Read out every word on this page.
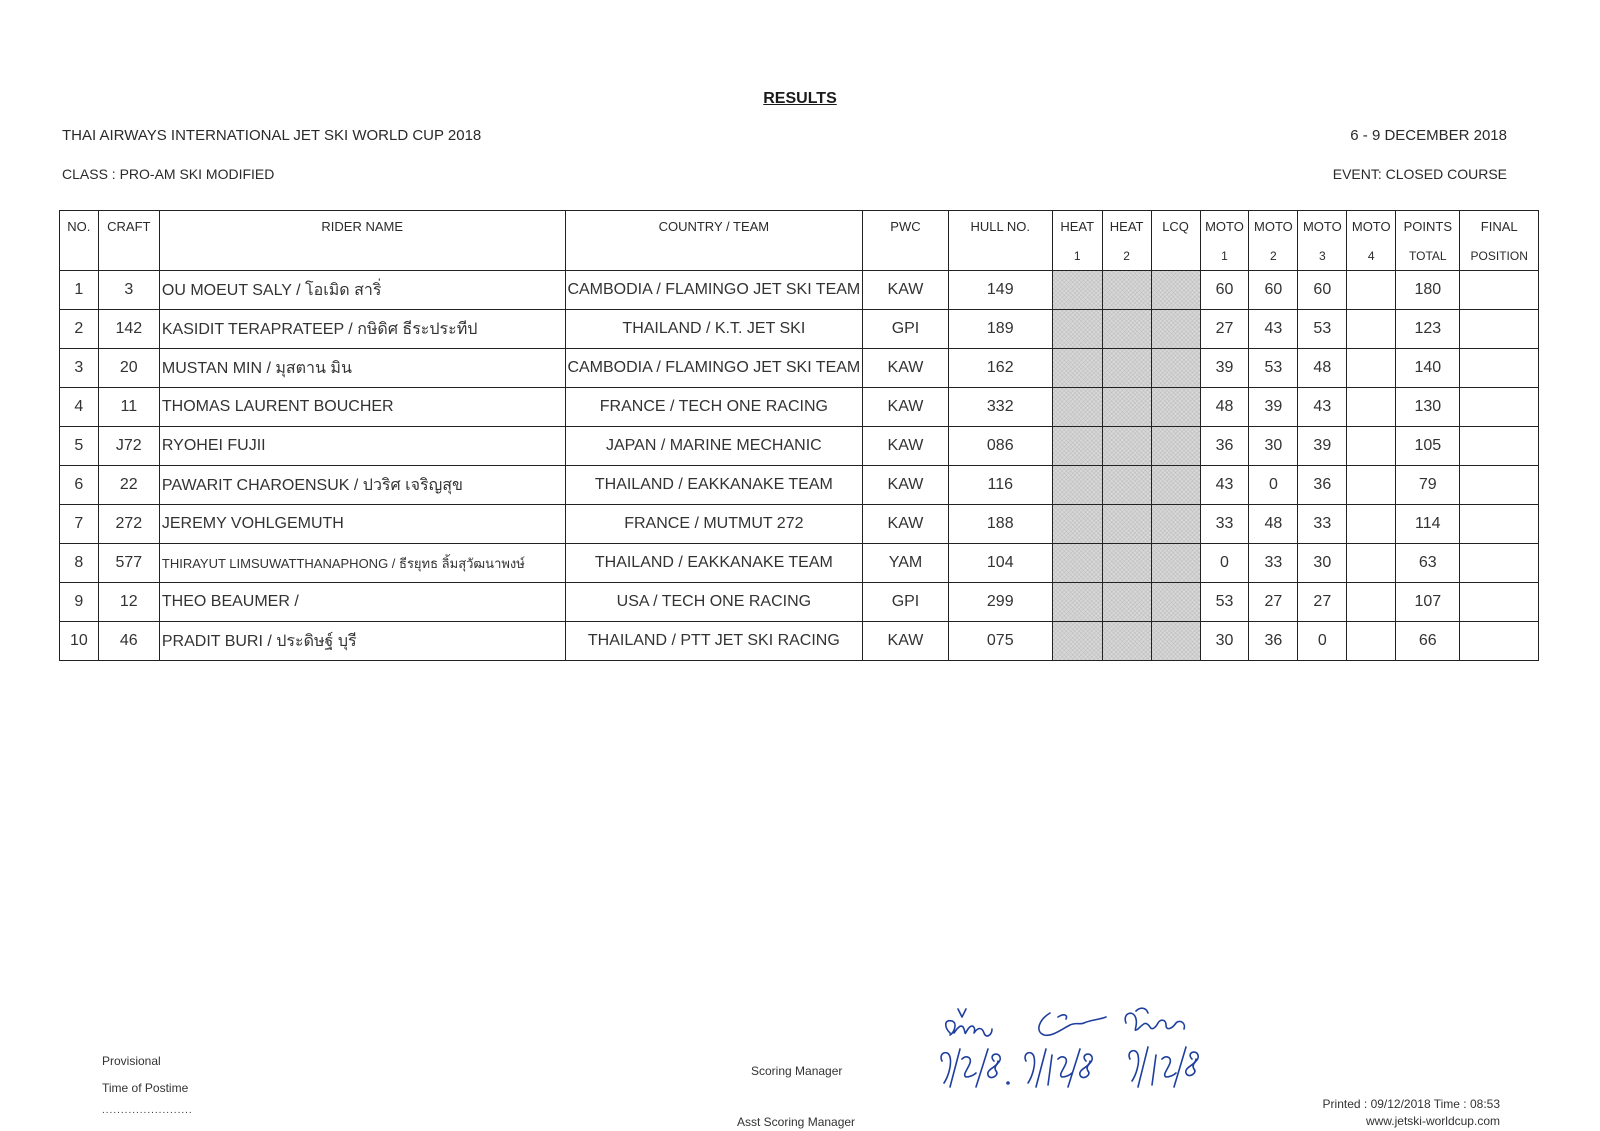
RESULTS
THAI AIRWAYS INTERNATIONAL JET SKI WORLD CUP 2018	6 - 9 DECEMBER 2018
CLASS : PRO-AM SKI MODIFIED	EVENT: CLOSED COURSE
NO.	CRAFT	RIDER NAME	COUNTRY / TEAM	PWC	HULL NO.	HEAT	HEAT	LCQ	MOTO	MOTO	MOTO	MOTO	POINTS	FINAL
						1	2		1	2	3	4	TOTAL	POSITION
1	3	OU MOEUT SALY / โอเมิด สาริ่	CAMBODIA / FLAMINGO JET SKI TEAM	KAW	149				60	60	60		180	
2	142	KASIDIT TERAPRATEEP / กษิดิศ ธีระประทีป	THAILAND / K.T. JET SKI	GPI	189				27	43	53		123	
3	20	MUSTAN MIN / มุสตาน มิน	CAMBODIA / FLAMINGO JET SKI TEAM	KAW	162				39	53	48		140	
4	11	THOMAS LAURENT BOUCHER	FRANCE / TECH ONE RACING	KAW	332				48	39	43		130	
5	J72	RYOHEI FUJII	JAPAN / MARINE MECHANIC	KAW	086				36	30	39		105	
6	22	PAWARIT CHAROENSUK / ปวริศ เจริญสุข	THAILAND / EAKKANAKE TEAM	KAW	116				43	0	36		79	
7	272	JEREMY VOHLGEMUTH	FRANCE / MUTMUT 272	KAW	188				33	48	33		114	
8	577	THIRAYUT LIMSUWATTHANAPHONG / ธีรยุทธ ลิ้มสุวัฒนาพงษ์	THAILAND / EAKKANAKE TEAM	YAM	104				0	33	30		63	
9	12	THEO BEAUMER /	USA / TECH ONE RACING	GPI	299				53	27	27		107	
10	46	PRADIT BURI / ประดิษฐ์ บุรี	THAILAND / PTT JET SKI RACING	KAW	075				30	36	0		66	
Provisional
Time of Postime
........................
Scoring Manager
Asst Scoring Manager
Printed : 09/12/2018 Time : 08:53
www.jetski-worldcup.com
